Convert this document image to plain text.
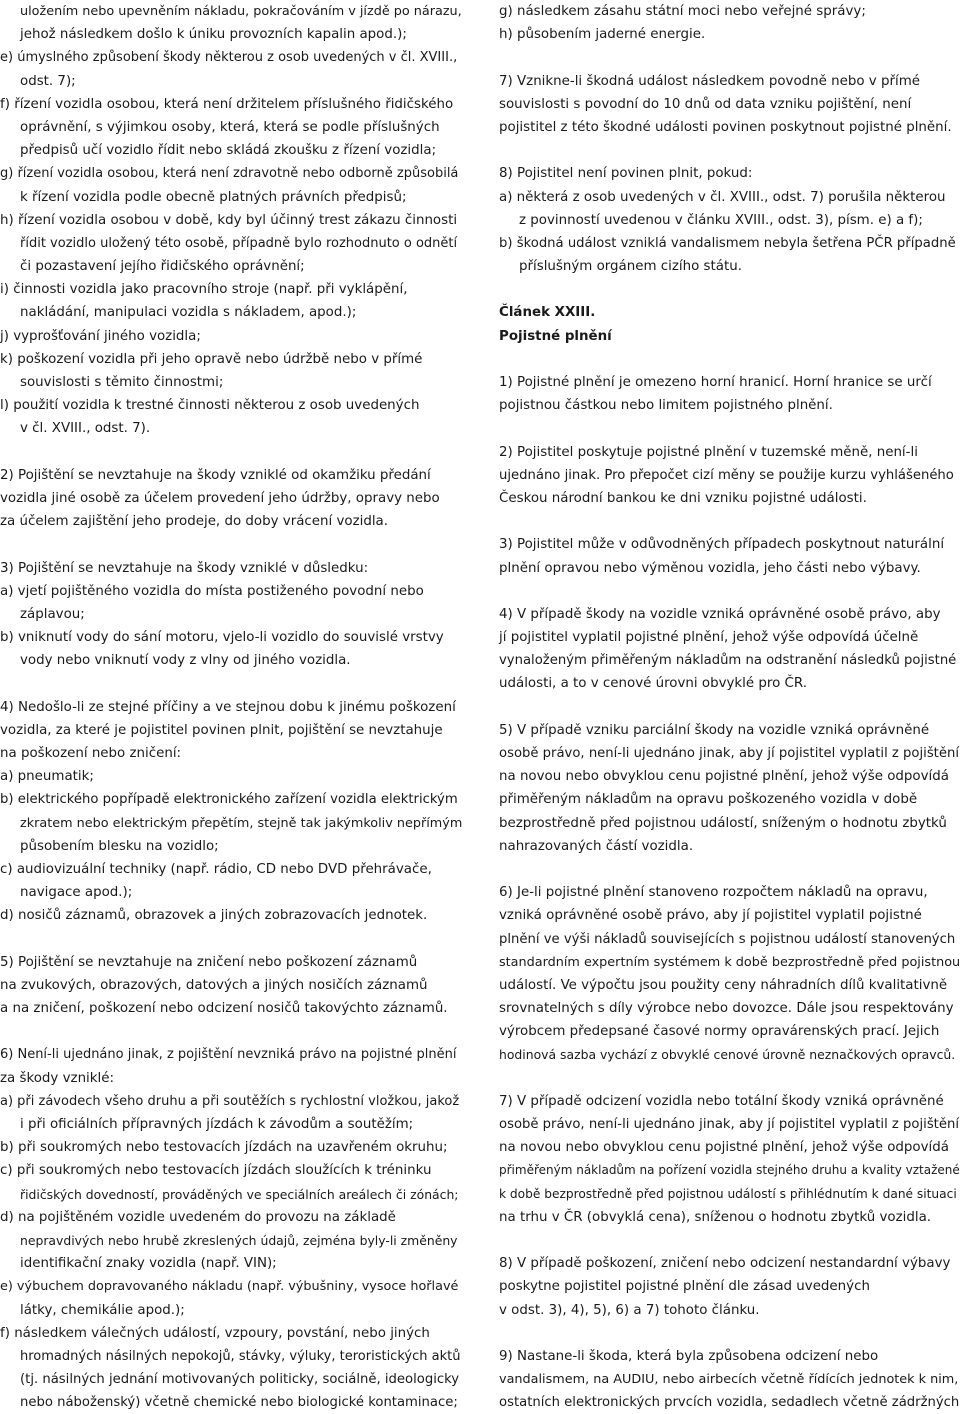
uložením nebo upevněním nákladu, pokračováním v jízdě po nárazu,
jehož následkem došlo k úniku provozních kapalin apod.);
e) úmyslného způsobení škody některou z osob uvedených v čl. XVIII.,
odst. 7);
f) řízení vozidla osobou, která není držitelem příslušného řidičského
oprávnění, s výjimkou osoby, která, která se podle příslušných
předpisů učí vozidlo řídit nebo skládá zkoušku z řízení vozidla;
g) řízení vozidla osobou, která není zdravotně nebo odborně způsobilá
k řízení vozidla podle obecně platných právních předpisů;
h) řízení vozidla osobou v době, kdy byl účinný trest zákazu činnosti
řídit vozidlo uložený této osobě, případně bylo rozhodnuto o odnětí
či pozastavení jejího řidičského oprávnění;
i) činnosti vozidla jako pracovního stroje (např. při vyklápění,
nakládání, manipulaci vozidla s nákladem, apod.);
j) vyprošťování jiného vozidla;
k) poškození vozidla při jeho opravě nebo údržbě nebo v přímé
souvislosti s těmito činnostmi;
l) použití vozidla k trestné činnosti některou z osob uvedených
v čl. XVIII., odst. 7).
2) Pojištění se nevztahuje na škody vzniklé od okamžiku předání
vozidla jiné osobě za účelem provedení jeho údržby, opravy nebo
za účelem zajištění jeho prodeje, do doby vrácení vozidla.
3) Pojištění se nevztahuje na škody vzniklé v důsledku:
a) vjetí pojištěného vozidla do místa postiženého povodní nebo
záplavou;
b) vniknutí vody do sání motoru, vjelo-li vozidlo do souvislé vrstvy
vody nebo vniknutí vody z vlny od jiného vozidla.
4) Nedošlo-li ze stejné příčiny a ve stejnou dobu k jinému poškození
vozidla, za které je pojistitel povinen plnit, pojištění se nevztahuje
na poškození nebo zničení:
a) pneumatik;
b) elektrického popřípadě elektronického zařízení vozidla elektrickým
zkratem nebo elektrickým přepětím, stejně tak jakýmkoliv nepřímým
působením blesku na vozidlo;
c) audiovizuální techniky (např. rádio, CD nebo DVD přehrávače,
navigace apod.);
d) nosičů záznamů, obrazovek a jiných zobrazovacích jednotek.
5) Pojištění se nevztahuje na zničení nebo poškození záznamů
na zvukových, obrazových, datových a jiných nosičích záznamů
a na zničení, poškození nebo odcizení nosičů takovýchto záznamů.
6) Není-li ujednáno jinak, z pojištění nevzniká právo na pojistné plnění
za škody vzniklé:
a) při závodech všeho druhu a při soutěžích s rychlostní vložkou, jakož
i při oficiálních přípravných jízdách k závodům a soutěžím;
b) při soukromých nebo testovacích jízdách na uzavřeném okruhu;
c) při soukromých nebo testovacích jízdách sloužících k tréninku
řidičských dovedností, prováděných ve speciálních areálech či zónách;
d) na pojištěném vozidle uvedeném do provozu na základě
nepravdivých nebo hrubě zkreslených údajů, zejména byly-li změněny
identifikační znaky vozidla (např. VIN);
e) výbuchem dopravovaného nákladu (např. výbušniny, vysoce hořlavé
látky, chemikálie apod.);
f) následkem válečných událostí, vzpoury, povstání, nebo jiných
hromadných násilných nepokojů, stávky, výluky, teroristických aktů
(tj. násilných jednání motivovaných politicky, sociálně, ideologicky
nebo náboženský) včetně chemické nebo biologické kontaminace;
g) následkem zásahu státní moci nebo veřejné správy;
h) působením jaderné energie.
7) Vznikne-li škodná událost následkem povodně nebo v přímé
souvislosti s povodní do 10 dnů od data vzniku pojištění, není
pojistitel z této škodné události povinen poskytnout pojistné plnění.
8) Pojistitel není povinen plnit, pokud:
a) některá z osob uvedených v čl. XVIII., odst. 7) porušila některou
z povinností uvedenou v článku XVIII., odst. 3), písm. e) a f);
b) škodná událost vzniklá vandalismem nebyla šetřena PČR případně
příslušným orgánem cizího státu.
Článek XXIII.
Pojistné plnění
1) Pojistné plnění je omezeno horní hranicí. Horní hranice se určí
pojistnou částkou nebo limitem pojistného plnění.
2) Pojistitel poskytuje pojistné plnění v tuzemské měně, není-li
ujednáno jinak. Pro přepočet cizí měny se použije kurzu vyhlášeného
Českou národní bankou ke dni vzniku pojistné události.
3) Pojistitel může v odůvodněných případech poskytnout naturální
plnění opravou nebo výměnou vozidla, jeho části nebo výbavy.
4) V případě škody na vozidle vzniká oprávněné osobě právo, aby
jí pojistitel vyplatil pojistné plnění, jehož výše odpovídá účelně
vynaloženým přiměřeným nákladům na odstranění následků pojistné
události, a to v cenové úrovni obvyklé pro ČR.
5) V případě vzniku parciální škody na vozidle vzniká oprávněné
osobě právo, není-li ujednáno jinak, aby jí pojistitel vyplatil z pojištění
na novou nebo obvyklou cenu pojistné plnění, jehož výše odpovídá
přiměřeným nákladům na opravu poškozeného vozidla v době
bezprostředně před pojistnou událostí, sníženým o hodnotu zbytků
nahrazovaných částí vozidla.
6) Je-li pojistné plnění stanoveno rozpočtem nákladů na opravu,
vzniká oprávněné osobě právo, aby jí pojistitel vyplatil pojistné
plnění ve výši nákladů souvisejících s pojistnou událostí stanovených
standardním expertním systémem k době bezprostředně před pojistnou
událostí. Ve výpočtu jsou použity ceny náhradních dílů kvalitativně
srovnatelných s díly výrobce nebo dovozce. Dále jsou respektovány
výrobcem předepsané časové normy opravárenských prací. Jejich
hodinová sazba vychází z obvyklé cenové úrovně neznačkových opravců.
7) V případě odcizení vozidla nebo totální škody vzniká oprávněné
osobě právo, není-li ujednáno jinak, aby jí pojistitel vyplatil z pojištění
na novou nebo obvyklou cenu pojistné plnění, jehož výše odpovídá
přiměřeným nákladům na pořízení vozidla stejného druhu a kvality vztažené
k době bezprostředně před pojistnou událostí s přihlédnutím k dané situaci
na trhu v ČR (obvyklá cena), sníženou o hodnotu zbytků vozidla.
8) V případě poškození, zničení nebo odcizení nestandardní výbavy
poskytne pojistitel pojistné plnění dle zásad uvedených
v odst. 3), 4), 5), 6) a 7) tohoto článku.
9) Nastane-li škoda, která byla způsobena odcizení nebo
vandalismem, na AUDIU, nebo airbecích včetně řídících jednotek k nim,
ostatních elektronických prvcích vozidla, sedadlech včetně zádržných
